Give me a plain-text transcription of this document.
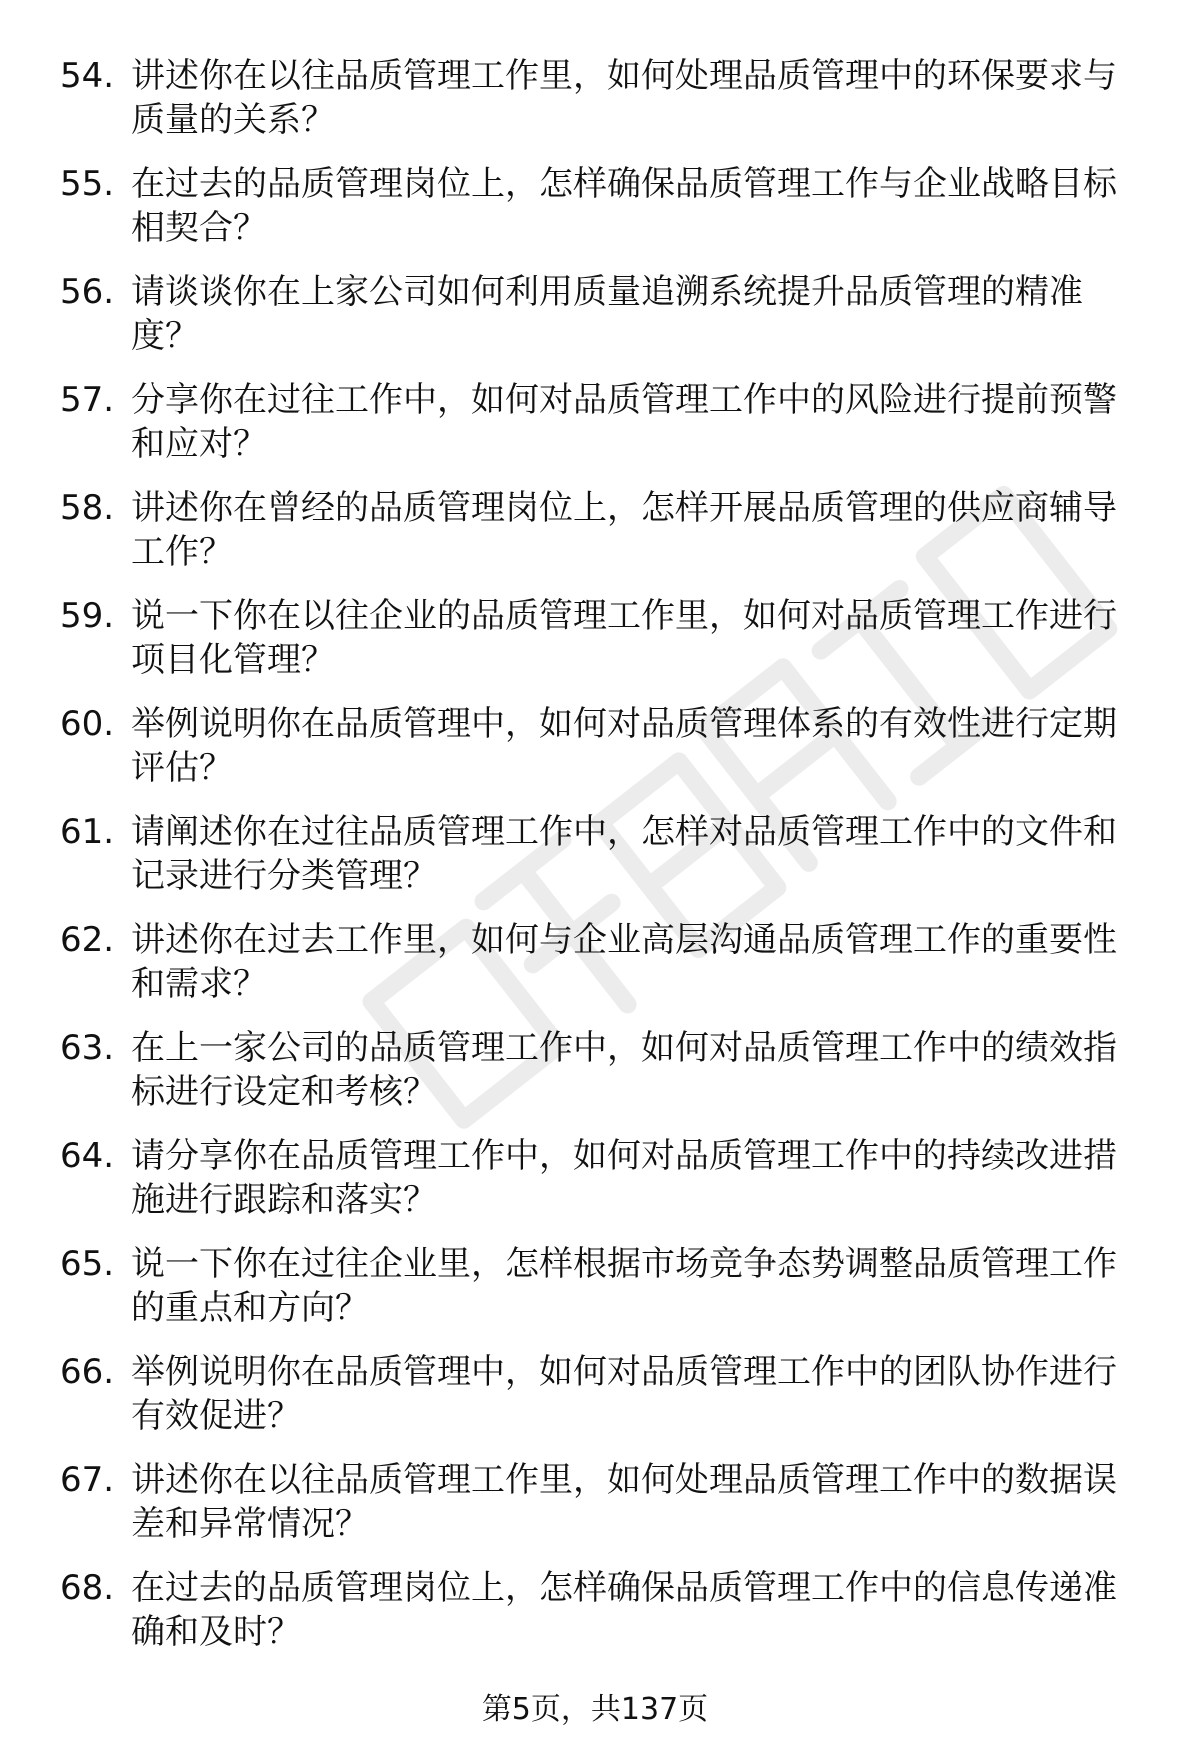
54. 讲述你在以往品质管理工作里，如何处理品质管理中的环保要求与质量的关系？
55. 在过去的品质管理岗位上，怎样确保品质管理工作与企业战略目标相契合？
56. 请谈谈你在上家公司如何利用质量追溯系统提升品质管理的精准度？
57. 分享你在过往工作中，如何对品质管理工作中的风险进行提前预警和应对？
58. 讲述你在曾经的品质管理岗位上，怎样开展品质管理的供应商辅导工作？
59. 说一下你在以往企业的品质管理工作里，如何对品质管理工作进行项目化管理？
60. 举例说明你在品质管理中，如何对品质管理体系的有效性进行定期评估？
61. 请阐述你在过往品质管理工作中，怎样对品质管理工作中的文件和记录进行分类管理？
62. 讲述你在过去工作里，如何与企业高层沟通品质管理工作的重要性和需求？
63. 在上一家公司的品质管理工作中，如何对品质管理工作中的绩效指标进行设定和考核？
64. 请分享你在品质管理工作中，如何对品质管理工作中的持续改进措施进行跟踪和落实？
65. 说一下你在过往企业里，怎样根据市场竞争态势调整品质管理工作的重点和方向？
66. 举例说明你在品质管理中，如何对品质管理工作中的团队协作进行有效促进？
67. 讲述你在以往品质管理工作里，如何处理品质管理工作中的数据误差和异常情况？
68. 在过去的品质管理岗位上，怎样确保品质管理工作中的信息传递准确和及时？
第5页，共137页
